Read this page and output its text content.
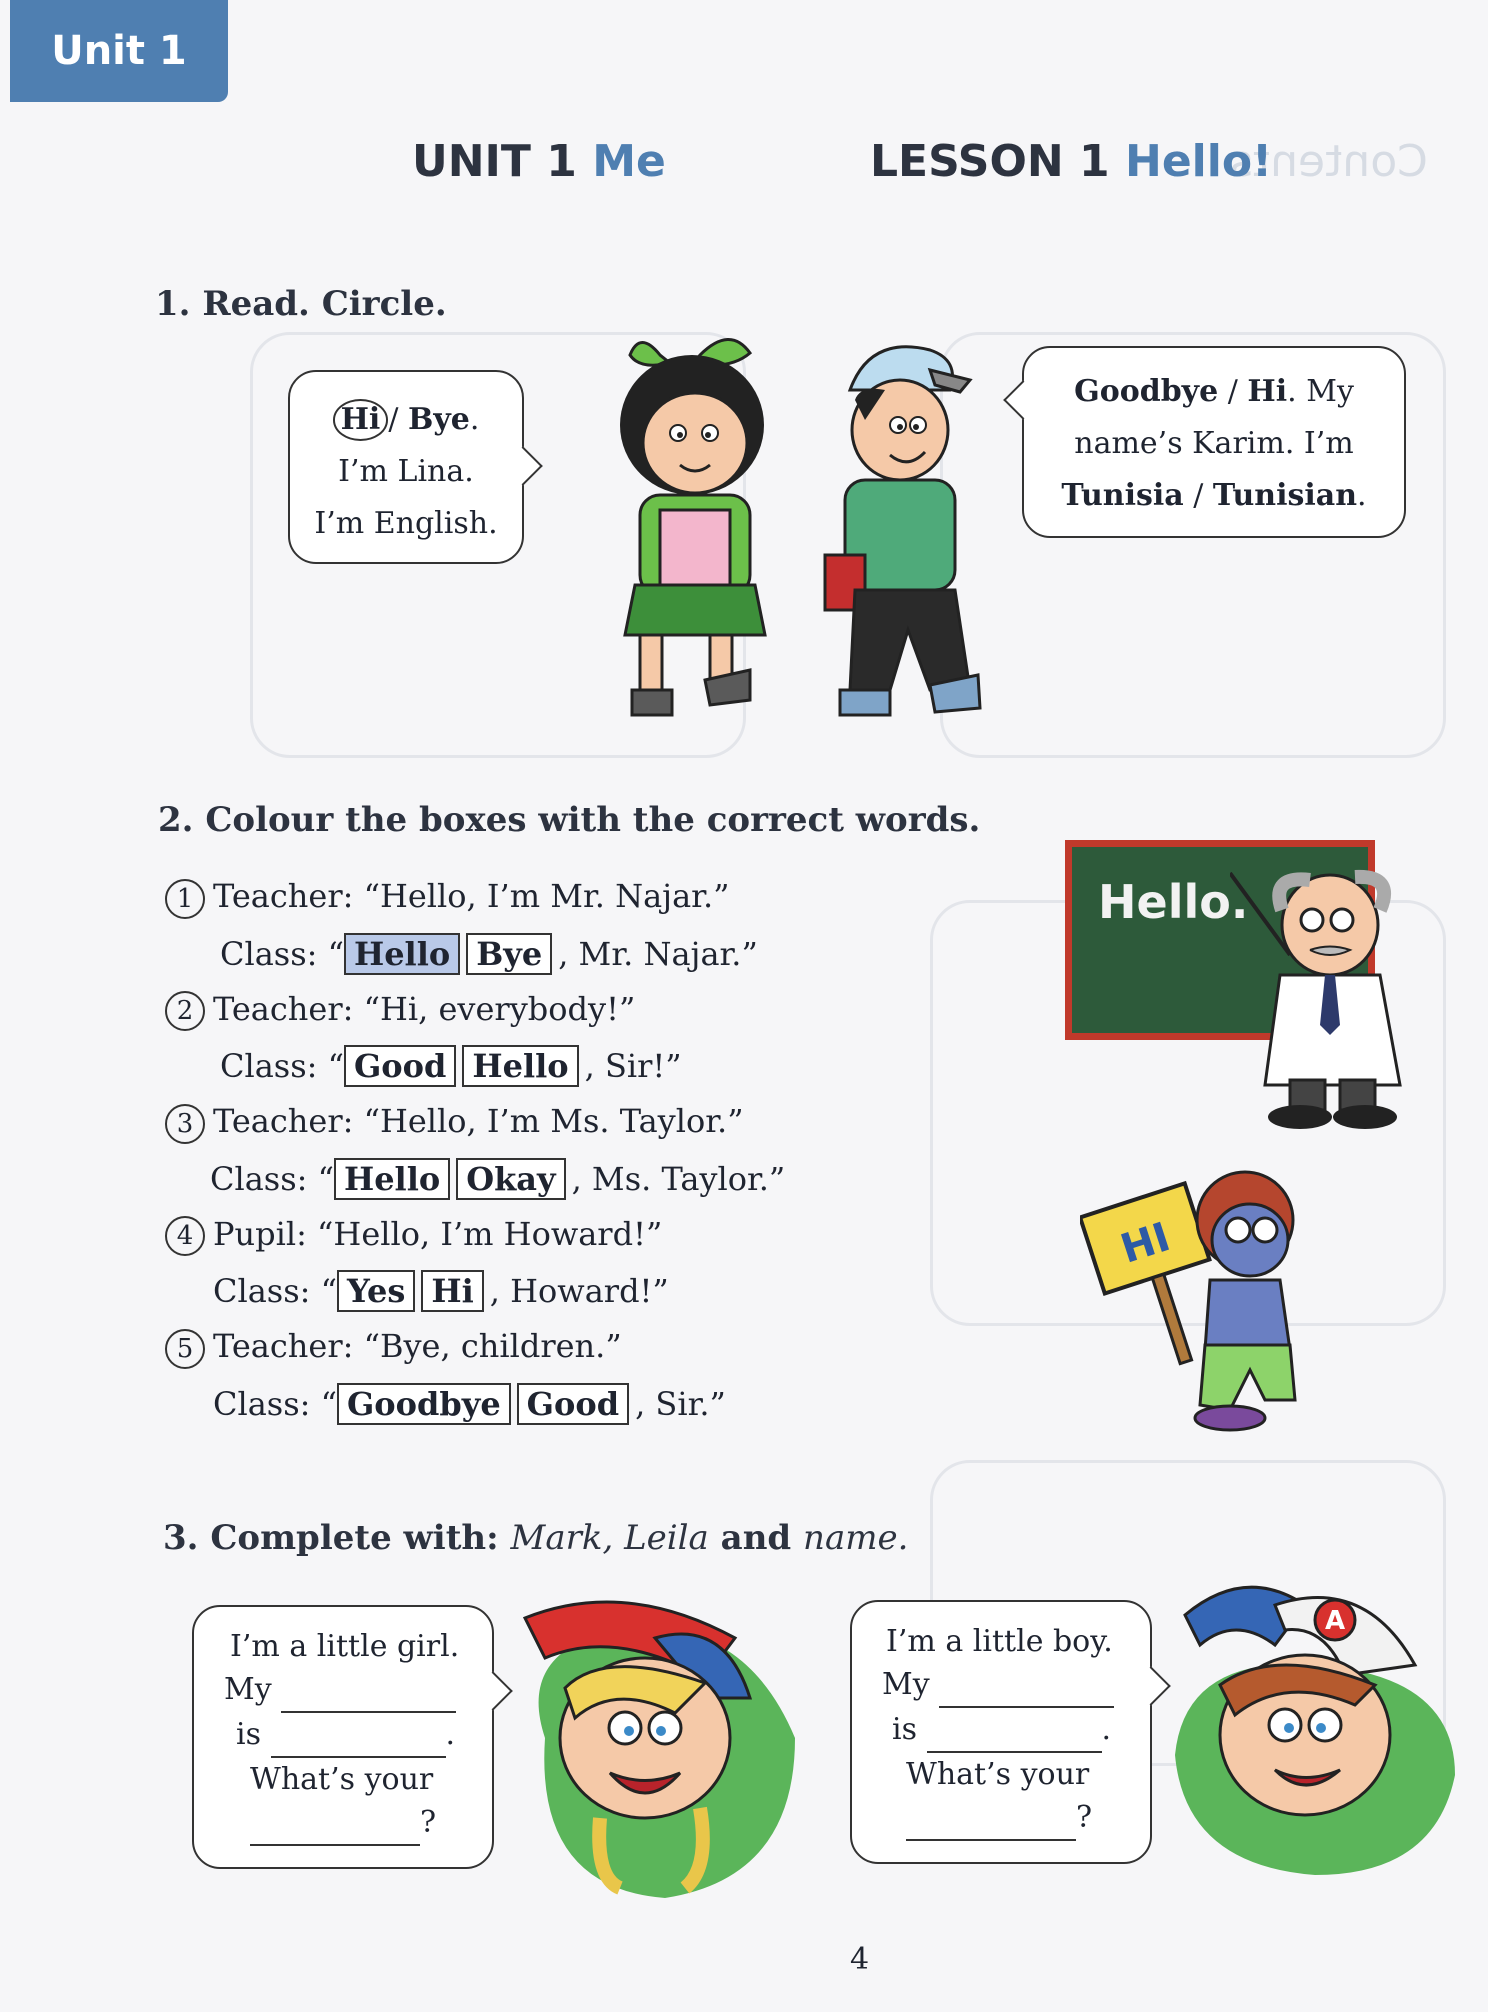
Contents
Unit 1
UNIT 1 Me	LESSON 1 Hello!
1. Read. Circle.
Hi / Bye.
I’m Lina.
I’m English.
Goodbye / Hi. My
name’s Karim. I’m
Tunisia / Tunisian.
2. Colour the boxes with the correct words.
1 Teacher: “Hello, I’m Mr. Najar.”
Class: “ Hello Bye , Mr. Najar.”
2 Teacher: “Hi, everybody!”
Class: “ Good Hello , Sir!”
3 Teacher: “Hello, I’m Ms. Taylor.”
Class: “ Hello Okay , Ms. Taylor.”
4 Pupil: “Hello, I’m Howard!”
Class: “ Yes Hi , Howard!”
5 Teacher: “Bye, children.”
Class: “ Goodbye Good , Sir.”
Hello.
HI
3. Complete with: Mark, Leila and name.
I’m a little girl.
My
is	.
What’s your
?
I’m a little boy.
My
is	.
What’s your
?
A
4
